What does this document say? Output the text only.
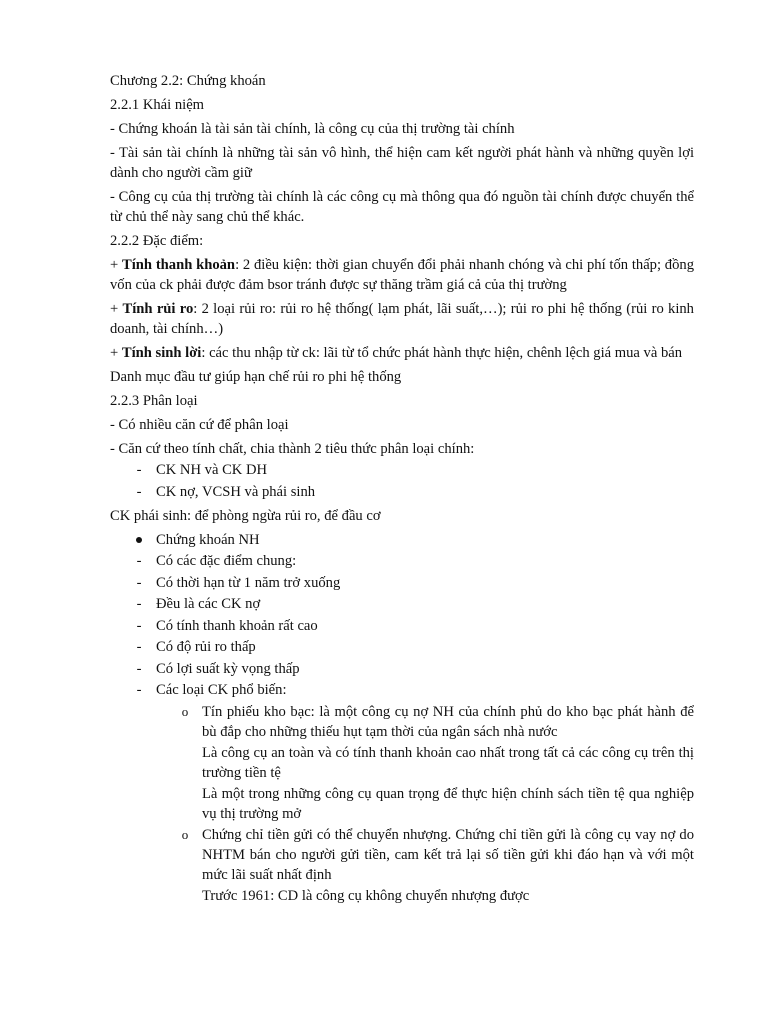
Chương 2.2: Chứng khoán

2.2.1 Khái niệm

- Chứng khoán là tài sản tài chính, là công cụ của thị trường tài chính

- Tài sản tài chính là những tài sản vô hình, thể hiện cam kết người phát hành và những quyền lợi dành cho người cầm giữ

- Công cụ của thị trường tài chính là các công cụ mà thông qua đó nguồn tài chính được chuyển thể từ chủ thể này sang chủ thể khác.

2.2.2 Đặc điểm:

+ Tính thanh khoản: 2 điều kiện: thời gian chuyển đổi phải nhanh chóng và chi phí tốn thấp; đồng vốn của ck phải được đảm bsor tránh được sự thăng trầm giá cả của thị trường

+ Tính rủi ro: 2 loại rủi ro: rủi ro hệ thống( lạm phát, lãi suất,…); rủi ro phi hệ thống (rủi ro kinh doanh, tài chính…)

+ Tính sinh lời: các thu nhập từ ck: lãi từ tổ chức phát hành thực hiện, chênh lệch giá mua và bán

Danh mục đầu tư giúp hạn chế rủi ro phi hệ thống

2.2.3 Phân loại

- Có nhiều căn cứ để phân loại

- Căn cứ theo tính chất, chia thành 2 tiêu thức phân loại chính:

- CK NH và CK DH
- CK nợ, VCSH và phái sinh

CK phái sinh: để phòng ngừa rủi ro, để đầu cơ

Chứng khoán NH
- Có các đặc điểm chung:
- Có thời hạn từ 1 năm trở xuống
- Đều là các CK nợ
- Có tính thanh khoản rất cao
- Có độ rủi ro thấp
- Có lợi suất kỳ vọng thấp
- Các loại CK phổ biến:
o Tín phiếu kho bạc: là một công cụ nợ NH của chính phủ do kho bạc phát hành để bù đắp cho những thiếu hụt tạm thời của ngân sách nhà nước
Là công cụ an toàn và có tính thanh khoản cao nhất trong tất cả các công cụ trên thị trường tiền tệ
Là một trong những công cụ quan trọng để thực hiện chính sách tiền tệ qua nghiệp vụ thị trường mở
o Chứng chỉ tiền gửi có thể chuyển nhượng. Chứng chỉ tiền gửi là công cụ vay nợ do NHTM bán cho người gửi tiền, cam kết trả lại số tiền gửi khi đáo hạn và với một mức lãi suất nhất định
Trước 1961: CD là công cụ không chuyển nhượng được
